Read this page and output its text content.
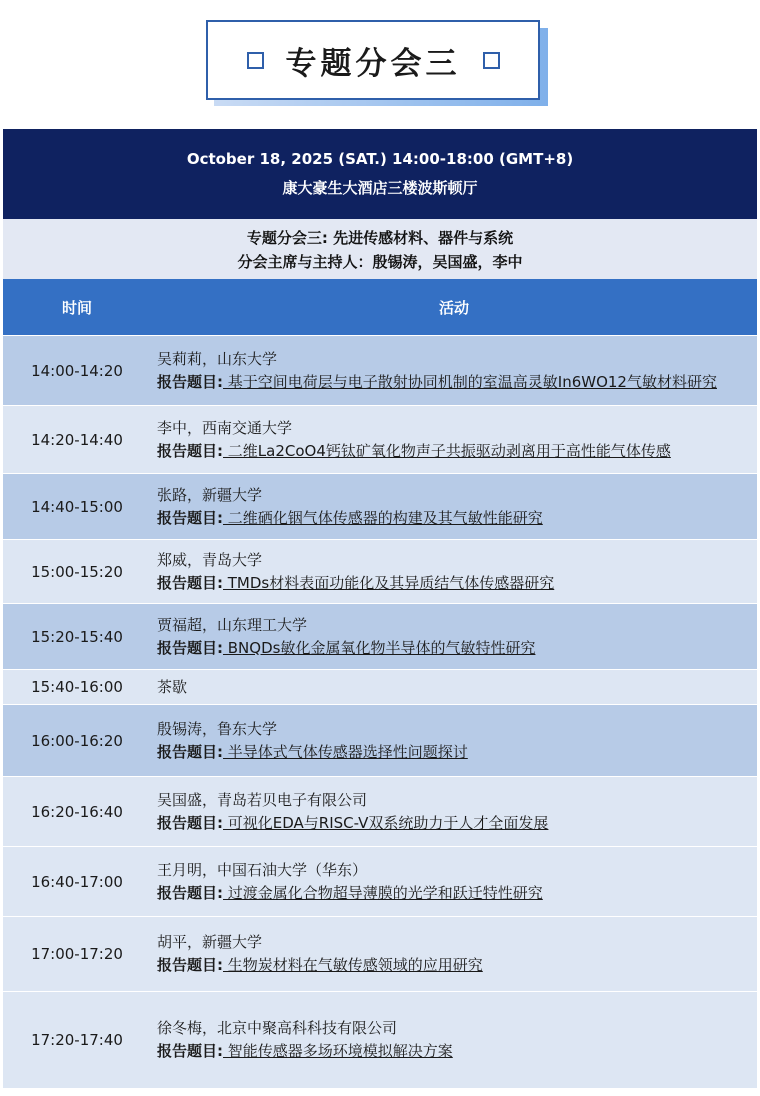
专题分会三
October 18, 2025 (SAT.) 14:00-18:00 (GMT+8)
康大豪生大酒店三楼波斯顿厅
专题分会三: 先进传感材料、器件与系统
分会主席与主持人：殷锡涛，吴国盛，李中
时间	活动
14:00-14:20
吴莉莉，山东大学
报告题目: 基于空间电荷层与电子散射协同机制的室温高灵敏In6WO12气敏材料研究
14:20-14:40
李中，西南交通大学
报告题目: 二维La2CoO4钙钛矿氧化物声子共振驱动剥离用于高性能气体传感
14:40-15:00
张路，新疆大学
报告题目: 二维硒化铟气体传感器的构建及其气敏性能研究
15:00-15:20
郑威，青岛大学
报告题目: TMDs材料表面功能化及其异质结气体传感器研究
15:20-15:40
贾福超，山东理工大学
报告题目: BNQDs敏化金属氧化物半导体的气敏特性研究
15:40-16:00	茶歇
16:00-16:20
殷锡涛，鲁东大学
报告题目: 半导体式气体传感器选择性问题探讨
16:20-16:40
吴国盛，青岛若贝电子有限公司
报告题目: 可视化EDA与RISC-V双系统助力于人才全面发展
16:40-17:00
王月明，中国石油大学（华东）
报告题目: 过渡金属化合物超导薄膜的光学和跃迁特性研究
17:00-17:20
胡平，新疆大学
报告题目: 生物炭材料在气敏传感领域的应用研究
17:20-17:40
徐冬梅，北京中聚高科科技有限公司
报告题目: 智能传感器多场环境模拟解决方案
